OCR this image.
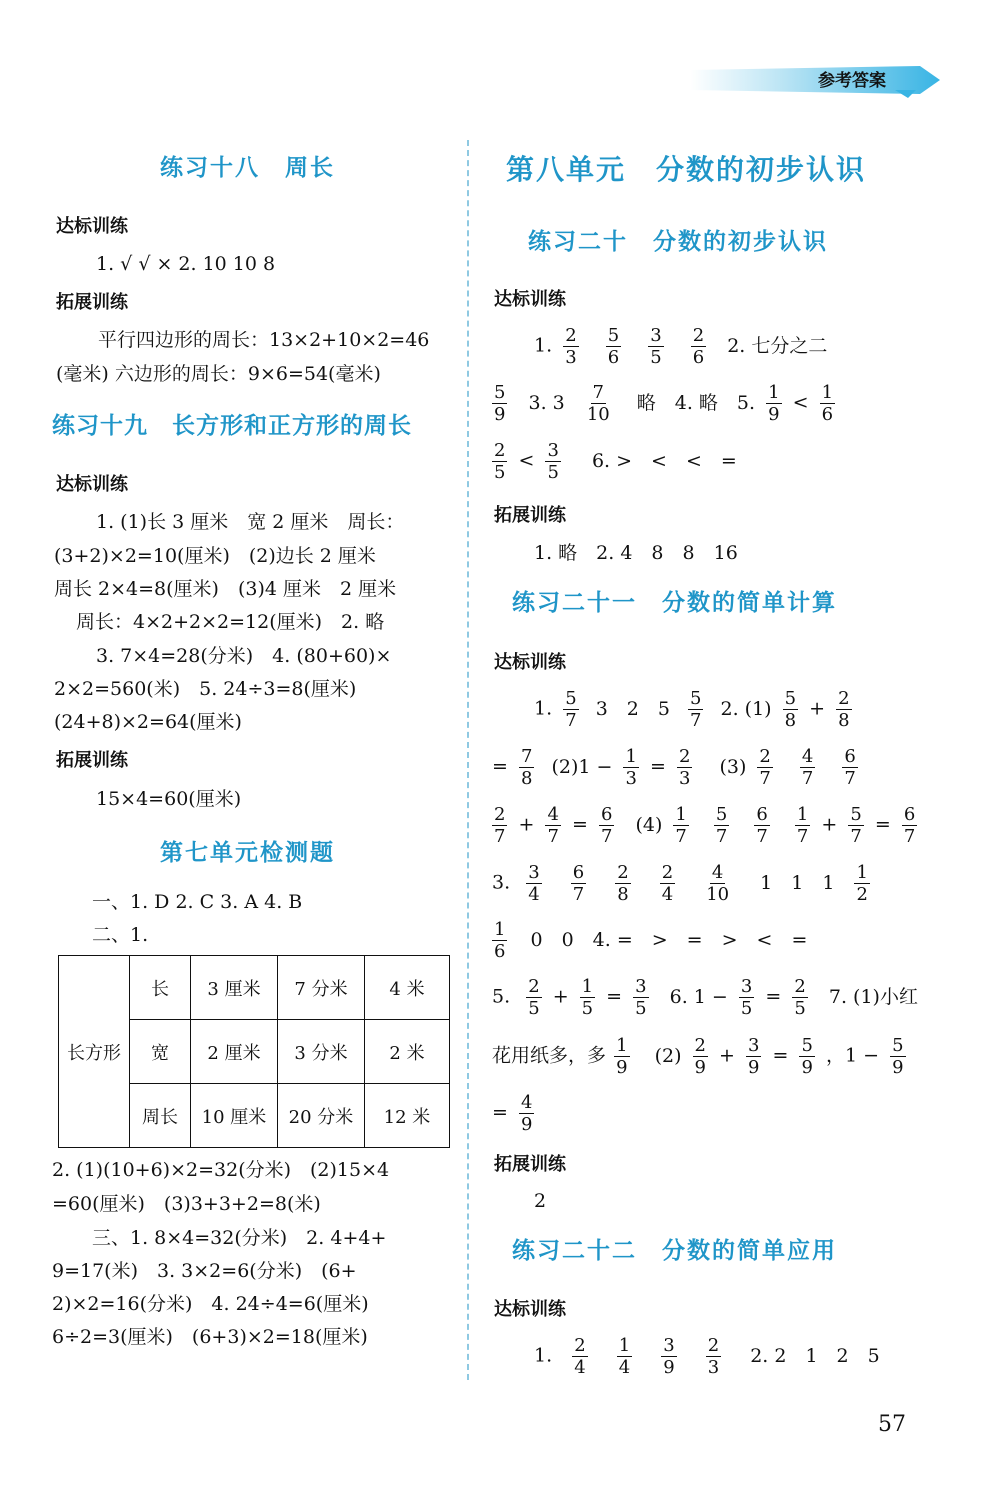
参考答案
练习十八　周长
达标训练
1. √ √ × 2. 10 10 8
拓展训练
平行四边形的周长：13×2+10×2=46
(毫米) 六边形的周长：9×6=54(毫米)
练习十九　长方形和正方形的周长
达标训练
1. (1)长 3 厘米　宽 2 厘米　周长：
(3+2)×2=10(厘米)　(2)边长 2 厘米
周长 2×4=8(厘米)　(3)4 厘米　2 厘米
周长：4×2+2×2=12(厘米)　2. 略
3. 7×4=28(分米)　4. (80+60)×
2×2=560(米)　5. 24÷3=8(厘米)
(24+8)×2=64(厘米)
拓展训练
15×4=60(厘米)
第七单元检测题
一、1. D 2. C 3. A 4. B
二、1.
2. (1)(10+6)×2=32(分米)　(2)15×4
=60(厘米)　(3)3+3+2=8(米)
三、1. 8×4=32(分米)　2. 4+4+
9=17(米)　3. 3×2=6(分米)　(6+
2)×2=16(分米)　4. 24÷4=6(厘米)
6÷2=3(厘米)　(6+3)×2=18(厘米)
长方形	长	3 厘米	7 分米	4 米
	宽	2 厘米	3 分米	2 米
	周长	10 厘米	20 分米	12 米
第八单元　分数的初步认识
练习二十　分数的初步认识
达标训练
1. $\frac{2}{3}$
$\frac{5}{6}$
$\frac{3}{5}$
$\frac{2}{6} 2$. 七分之二
$\frac{5}{9} 3$. $3 \frac{7}{10}$ 略　4. 略　5. $\frac{1}{9} < \frac{1}{6}$
$\frac{2}{5} < \frac{3}{5} 6$. >　<　<　=
拓展训练
1. 略　2. 4　8　8　16
练习二十一　分数的简单计算
达标训练
1. $\frac{5}{7} 3$　2　$5 \frac{5}{7} 2$. $(1) \frac{5}{8} + \frac{2}{8}$
= $\frac{7}{8} (2)1 - \frac{1}{3} = \frac{2}{3} (3) \frac{2}{7}$
$\frac{4}{7}$
$\frac{6}{7}$
$\frac{2}{7} + \frac{4}{7} = \frac{6}{7} (4) \frac{1}{7}$
$\frac{5}{7}$
$\frac{6}{7}$
$\frac{1}{7} + \frac{5}{7} = \frac{6}{7}$
3. $\frac{3}{4}$
$\frac{6}{7}$
$\frac{2}{8}$
$\frac{2}{4}$
$\frac{4}{10} 1$　1　$1 \frac{1}{2}$
$\frac{1}{6} 0$　0　4. =　>　=　>　<　=
5. $\frac{2}{5} + \frac{1}{5} = \frac{3}{5} 6$. $1 - \frac{3}{5} = \frac{2}{5} 7$. (1)小红
花用纸多，多 $\frac{1}{9} (2) \frac{2}{9} + \frac{3}{9} = \frac{5}{9}$ ，$1 - \frac{5}{9}$
= $\frac{4}{9}$
拓展训练
2
练习二十二　分数的简单应用
达标训练
1. $\frac{2}{4}$
$\frac{1}{4}$
$\frac{3}{9}$
$\frac{2}{3} 2$. 2　1　2　5
57
